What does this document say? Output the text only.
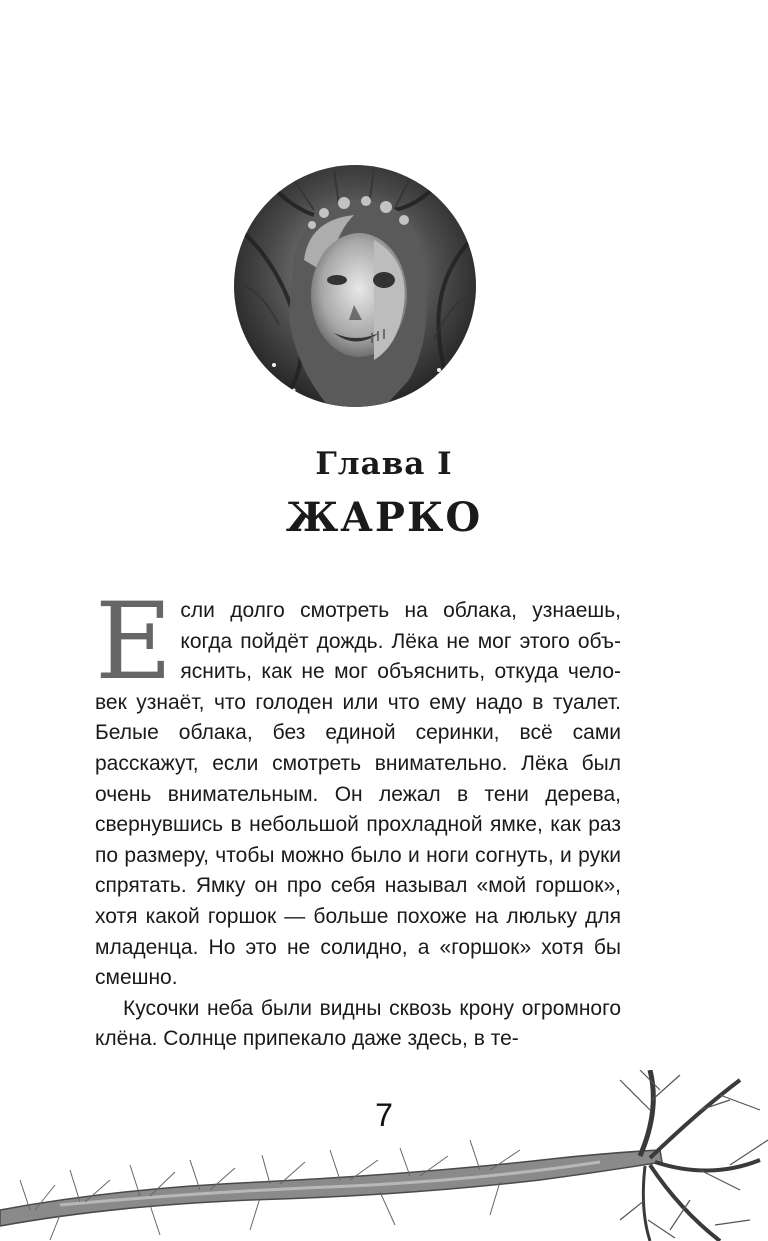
Глава I
ЖАРКО

Если долго смотреть на облака, узнаешь, когда пойдёт дождь. Лёка не мог этого объяснить, как не мог объяснить, откуда человек узнаёт, что голоден или что ему надо в туалет. Белые облака, без единой серинки, всё сами расскажут, если смотреть внимательно. Лёка был очень внимательным. Он лежал в тени дерева, свернувшись в небольшой прохладной ямке, как раз по размеру, чтобы можно было и ноги согнуть, и руки спрятать. Ямку он про себя называл «мой горшок», хотя какой горшок — больше похоже на люльку для младенца. Но это не солидно, а «горшок» хотя бы смешно.

Кусочки неба были видны сквозь крону огромного клёна. Солнце припекало даже здесь, в те-

7
